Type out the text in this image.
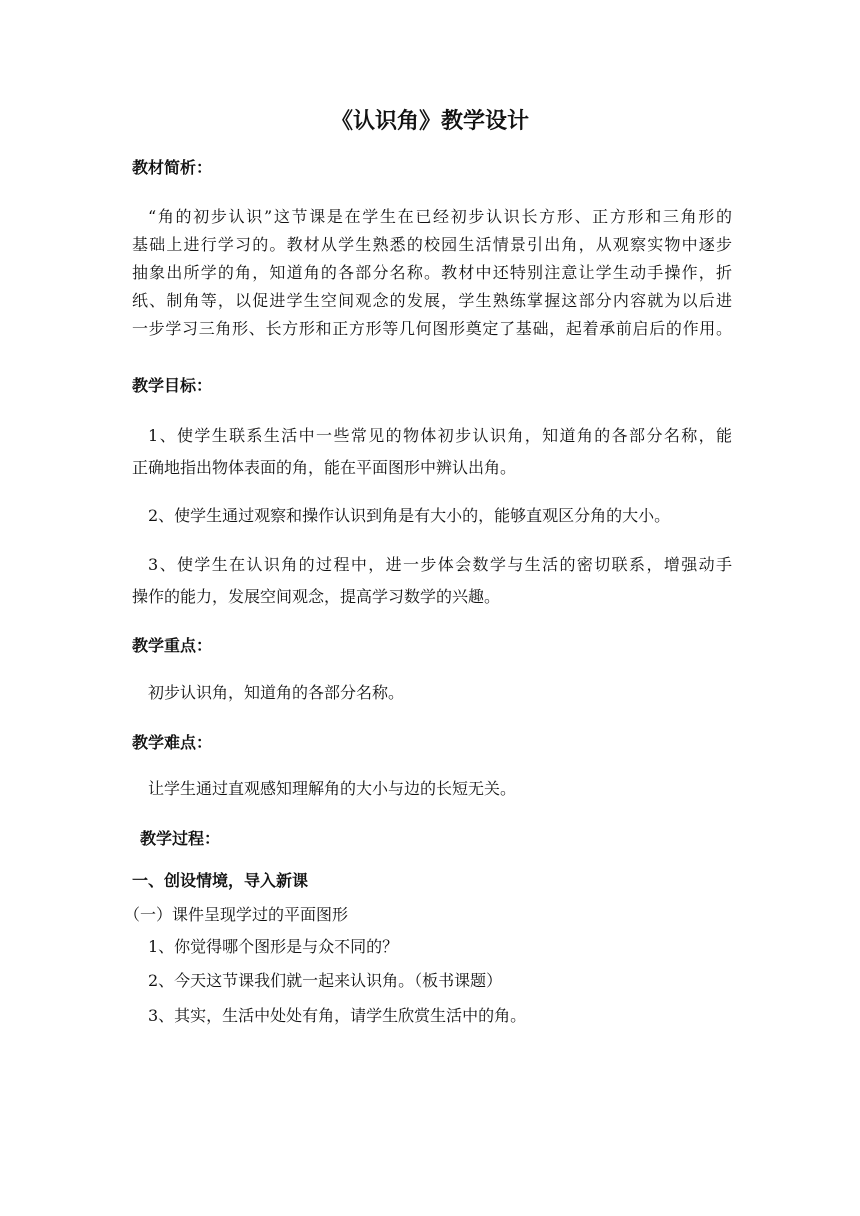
《认识角》教学设计

教材简析：

“角的初步认识”这节课是在学生在已经初步认识长方形、正方形和三角形的
基础上进行学习的。教材从学生熟悉的校园生活情景引出角，从观察实物中逐步
抽象出所学的角，知道角的各部分名称。教材中还特别注意让学生动手操作，折
纸、制角等，以促进学生空间观念的发展，学生熟练掌握这部分内容就为以后进
一步学习三角形、长方形和正方形等几何图形奠定了基础，起着承前启后的作用。

教学目标：

1、使学生联系生活中一些常见的物体初步认识角，知道角的各部分名称，能
正确地指出物体表面的角，能在平面图形中辨认出角。

2、使学生通过观察和操作认识到角是有大小的，能够直观区分角的大小。

3、使学生在认识角的过程中，进一步体会数学与生活的密切联系，增强动手
操作的能力，发展空间观念，提高学习数学的兴趣。

教学重点：

初步认识角，知道角的各部分名称。

教学难点：

让学生通过直观感知理解角的大小与边的长短无关。

教学过程：

一、创设情境，导入新课

（一）课件呈现学过的平面图形

1、你觉得哪个图形是与众不同的？

2、今天这节课我们就一起来认识角。（板书课题）

3、其实，生活中处处有角，请学生欣赏生活中的角。
